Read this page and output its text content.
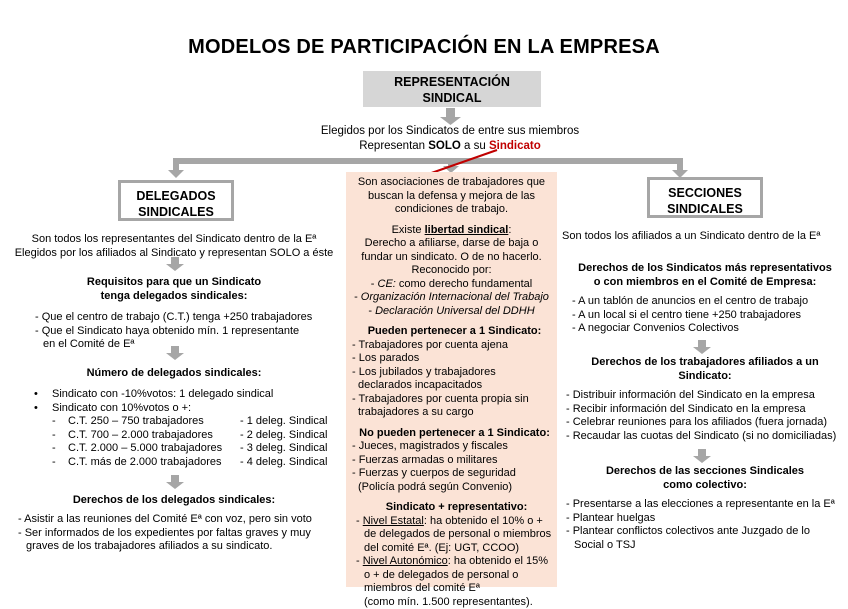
MODELOS DE PARTICIPACIÓN EN LA EMPRESA
REPRESENTACIÓN
SINDICAL
Elegidos por los Sindicatos de entre sus miembros
Representan SOLO a su Sindicato
DELEGADOS
SINDICALES
Son todos los representantes del Sindicato dentro de la Eª
Elegidos por los afiliados al Sindicato y representan SOLO a éste
Requisitos para que un Sindicato
tenga delegados sindicales:
- Que el centro de trabajo (C.T.) tenga +250 trabajadores
- Que el Sindicato haya obtenido mín. 1 representante
en el Comité de Eª
Número de delegados sindicales:
• Sindicato con -10%votos: 1 delegado sindical
• Sindicato con 10%votos o +:
-	C.T. 250 – 750 trabajadores	- 1 deleg. Sindical
-	C.T. 700 – 2.000 trabajadores	- 2 deleg. Sindical
-	C.T. 2.000 – 5.000 trabajadores	- 3 deleg. Sindical
-	C.T. más de 2.000 trabajadores	- 4 deleg. Sindical
Derechos de los delegados sindicales:
- Asistir a las reuniones del Comité Eª con voz, pero sin voto
- Ser informados de los expedientes por faltas graves y muy
graves de los trabajadores afiliados a su sindicato.
Son asociaciones de trabajadores que
buscan la defensa y mejora de las
condiciones de trabajo.
Existe libertad sindical:
Derecho a afiliarse, darse de baja o
fundar un sindicato. O de no hacerlo.
Reconocido por:
- CE: como derecho fundamental
- Organización Internacional del Trabajo
- Declaración Universal del DDHH
Pueden pertenecer a 1 Sindicato:
- Trabajadores por cuenta ajena
- Los parados
- Los jubilados y trabajadores
declarados incapacitados
- Trabajadores por cuenta propia sin
trabajadores a su cargo
No pueden pertenecer a 1 Sindicato:
- Jueces, magistrados y fiscales
- Fuerzas armadas o militares
- Fuerzas y cuerpos de seguridad
(Policía podrá según Convenio)
Sindicato + representativo:
- Nivel Estatal: ha obtenido el 10% o +
de delegados de personal o miembros
del comité Eª. (Ej: UGT, CCOO)
- Nivel Autonómico: ha obtenido el 15%
o + de delegados de personal o
miembros del comité Eª
(como mín. 1.500 representantes).
SECCIONES
SINDICALES
Son todos los afiliados a un Sindicato dentro de la Eª
Derechos de los Sindicatos más representativos
o con miembros en el Comité de Empresa:
- A un tablón de anuncios en el centro de trabajo
- A un local si el centro tiene +250 trabajadores
- A negociar Convenios Colectivos
Derechos de los trabajadores afiliados a un
Sindicato:
- Distribuir información del Sindicato en la empresa
- Recibir información del Sindicato en la empresa
- Celebrar reuniones para los afiliados (fuera jornada)
- Recaudar las cuotas del Sindicato (si no domiciliadas)
Derechos de las secciones Sindicales
como colectivo:
- Presentarse a las elecciones a representante en la Eª
- Plantear huelgas
- Plantear conflictos colectivos ante Juzgado de lo
Social o TSJ
